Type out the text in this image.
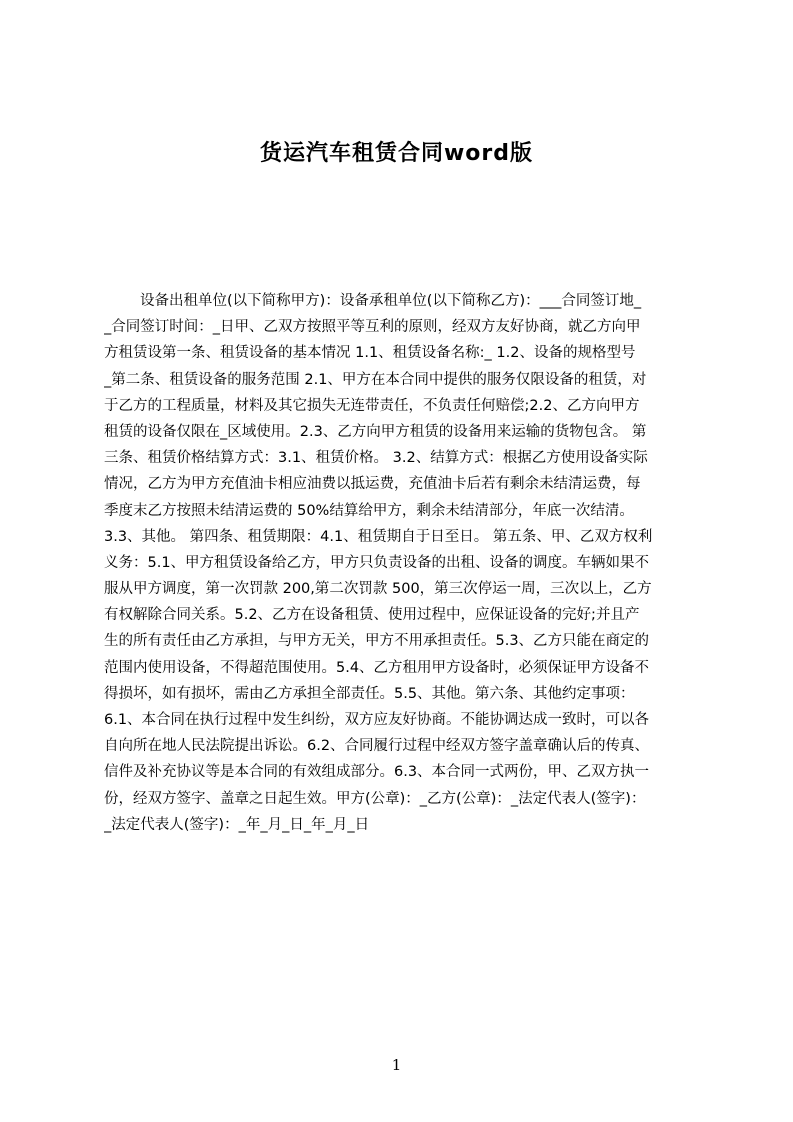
货运汽车租赁合同word版
设备出租单位(以下简称甲方)：设备承租单位(以下简称乙方)：___合同签订地_
_合同签订时间：_日甲、乙双方按照平等互利的原则，经双方友好协商，就乙方向甲
方租赁设第一条、租赁设备的基本情况 1.1、租赁设备名称:_ 1.2、设备的规格型号
_第二条、租赁设备的服务范围 2.1、甲方在本合同中提供的服务仅限设备的租赁，对
于乙方的工程质量，材料及其它损失无连带责任，不负责任何赔偿;2.2、乙方向甲方
租赁的设备仅限在_区域使用。2.3、乙方向甲方租赁的设备用来运输的货物包含。 第
三条、租赁价格结算方式：3.1、租赁价格。 3.2、结算方式：根据乙方使用设备实际
情况，乙方为甲方充值油卡相应油费以抵运费，充值油卡后若有剩余未结清运费，每
季度末乙方按照未结清运费的 50%结算给甲方，剩余未结清部分，年底一次结清。
3.3、其他。 第四条、租赁期限：4.1、租赁期自于日至日。 第五条、甲、乙双方权利
义务：5.1、甲方租赁设备给乙方，甲方只负责设备的出租、设备的调度。车辆如果不
服从甲方调度，第一次罚款 200,第二次罚款 500，第三次停运一周，三次以上，乙方
有权解除合同关系。5.2、乙方在设备租赁、使用过程中，应保证设备的完好;并且产
生的所有责任由乙方承担，与甲方无关，甲方不用承担责任。5.3、乙方只能在商定的
范围内使用设备，不得超范围使用。5.4、乙方租用甲方设备时，必须保证甲方设备不
得损坏，如有损坏，需由乙方承担全部责任。5.5、其他。第六条、其他约定事项：
6.1、本合同在执行过程中发生纠纷，双方应友好协商。不能协调达成一致时，可以各
自向所在地人民法院提出诉讼。6.2、合同履行过程中经双方签字盖章确认后的传真、
信件及补充协议等是本合同的有效组成部分。6.3、本合同一式两份，甲、乙双方执一
份，经双方签字、盖章之日起生效。甲方(公章)：_乙方(公章)：_法定代表人(签字)：
_法定代表人(签字)：_年_月_日_年_月_日
1
